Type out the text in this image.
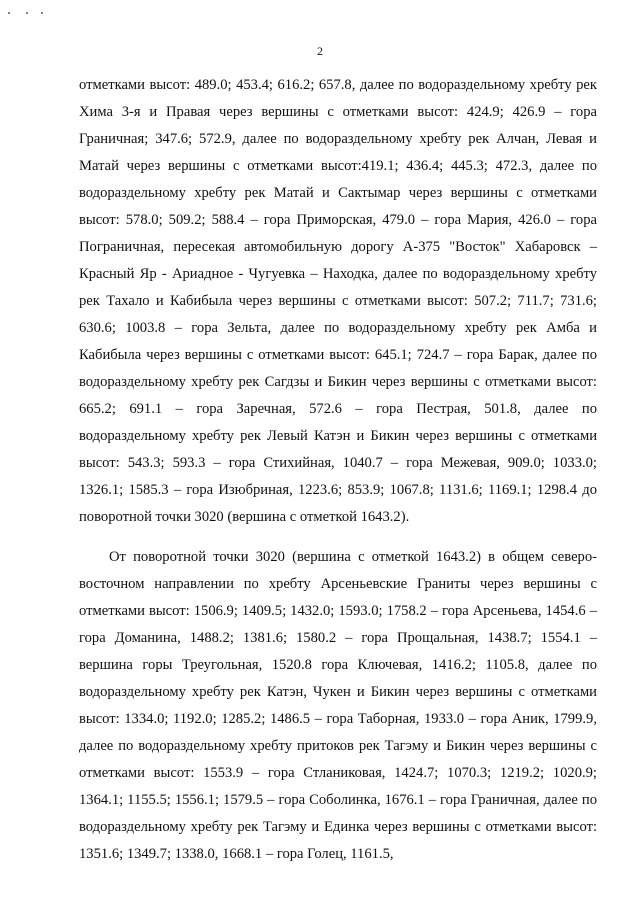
2

отметками высот: 489.0; 453.4; 616.2; 657.8, далее по водораздельному хребту рек Хима 3-я и Правая через вершины с отметками высот: 424.9; 426.9 – гора Граничная; 347.6; 572.9, далее по водораздельному хребту рек Алчан, Левая и Матай через вершины с отметками высот:419.1; 436.4; 445.3; 472.3, далее по водораздельному хребту рек Матай и Сактымар через вершины с отметками высот: 578.0; 509.2; 588.4 – гора Приморская, 479.0 – гора Мария, 426.0 – гора Пограничная, пересекая автомобильную дорогу А-375 "Восток" Хабаровск – Красный Яр - Ариадное - Чугуевка – Находка, далее по водораздельному хребту рек Тахало и Кабибыла через вершины с отметками высот: 507.2; 711.7; 731.6; 630.6; 1003.8 – гора Зельта, далее по водораздельному хребту рек Амба и Кабибыла через вершины с отметками высот: 645.1; 724.7 – гора Барак, далее по водораздельному хребту рек Сагдзы и Бикин через вершины с отметками высот: 665.2; 691.1 – гора Заречная, 572.6 – гора Пестрая, 501.8, далее по водораздельному хребту рек Левый Катэн и Бикин через вершины с отметками высот: 543.3; 593.3 – гора Стихийная, 1040.7 – гора Межевая, 909.0; 1033.0; 1326.1; 1585.3 – гора Изюбриная, 1223.6; 853.9; 1067.8; 1131.6; 1169.1; 1298.4 до поворотной точки 3020 (вершина с отметкой 1643.2).

От поворотной точки 3020 (вершина с отметкой 1643.2) в общем северо-восточном направлении по хребту Арсеньевские Граниты через вершины с отметками высот: 1506.9; 1409.5; 1432.0; 1593.0; 1758.2 – гора Арсеньева, 1454.6 – гора Доманина, 1488.2; 1381.6; 1580.2 – гора Прощальная, 1438.7; 1554.1 – вершина горы Треугольная, 1520.8 гора Ключевая, 1416.2; 1105.8, далее по водораздельному хребту рек Катэн, Чукен и Бикин через вершины с отметками высот: 1334.0; 1192.0; 1285.2; 1486.5 – гора Таборная, 1933.0 – гора Аник, 1799.9, далее по водораздельному хребту притоков рек Тагэму и Бикин через вершины с отметками высот: 1553.9 – гора Стланиковая, 1424.7; 1070.3; 1219.2; 1020.9; 1364.1; 1155.5; 1556.1; 1579.5 – гора Соболинка, 1676.1 – гора Граничная, далее по водораздельному хребту рек Тагэму и Единка через вершины с отметками высот: 1351.6; 1349.7; 1338.0, 1668.1 – гора Голец, 1161.5,
